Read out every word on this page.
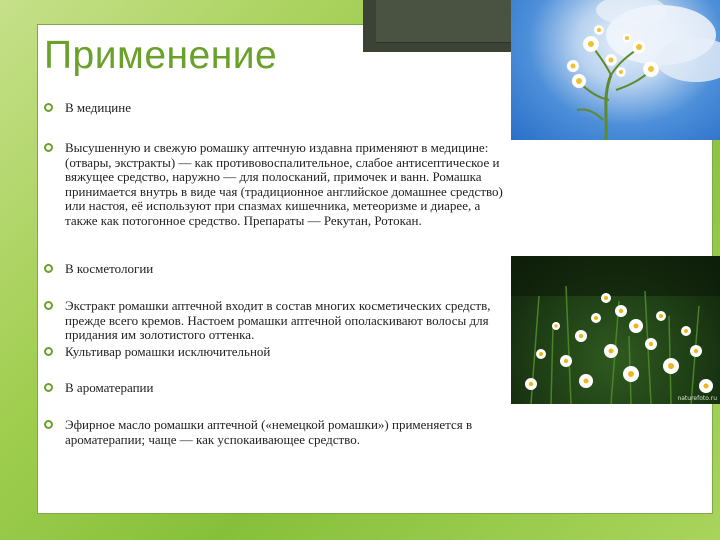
Применение
В медицине
Высушенную и свежую ромашку аптечную издавна применяют в медицине: (отвары, экстракты) — как противовоспалительное, слабое антисептическое и вяжущее средство, наружно — для полосканий, примочек и ванн. Ромашка принимается внутрь в виде чая (традиционное английское домашнее средство) или настоя, её используют при спазмах кишечника, метеоризме и диарее, а также как потогонное средство. Препараты — Рекутан, Ротокан.
В косметологии
Экстракт ромашки аптечной входит в состав многих косметических средств, прежде всего кремов. Настоем ромашки аптечной ополаскивают волосы для придания им золотистого оттенка.
Культивар ромашки исключительной
В ароматерапии
Эфирное масло ромашки аптечной («немецкой ромашки») применяется в ароматерапии; чаще — как успокаивающее средство.
naturefoto.ru
